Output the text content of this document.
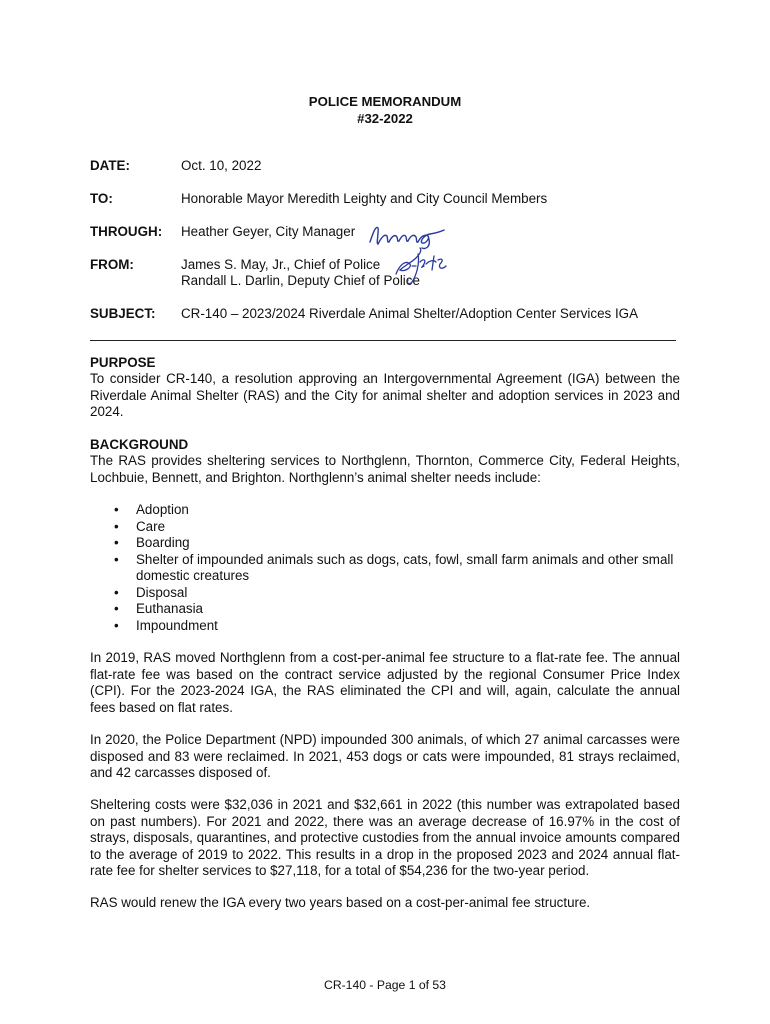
POLICE MEMORANDUM
#32-2022
DATE:	Oct. 10, 2022
TO:	Honorable Mayor Meredith Leighty and City Council Members
THROUGH: Heather Geyer, City Manager
FROM:	James S. May, Jr., Chief of Police
Randall L. Darlin, Deputy Chief of Police
SUBJECT: CR-140 – 2023/2024 Riverdale Animal Shelter/Adoption Center Services IGA
PURPOSE
To consider CR-140, a resolution approving an Intergovernmental Agreement (IGA) between the Riverdale Animal Shelter (RAS) and the City for animal shelter and adoption services in 2023 and 2024.
BACKGROUND
The RAS provides sheltering services to Northglenn, Thornton, Commerce City, Federal Heights, Lochbuie, Bennett, and Brighton. Northglenn’s animal shelter needs include:
• Adoption
• Care
• Boarding
• Shelter of impounded animals such as dogs, cats, fowl, small farm animals and other small domestic creatures
• Disposal
• Euthanasia
• Impoundment
In 2019, RAS moved Northglenn from a cost-per-animal fee structure to a flat-rate fee. The annual flat-rate fee was based on the contract service adjusted by the regional Consumer Price Index (CPI). For the 2023-2024 IGA, the RAS eliminated the CPI and will, again, calculate the annual fees based on flat rates.
In 2020, the Police Department (NPD) impounded 300 animals, of which 27 animal carcasses were disposed and 83 were reclaimed. In 2021, 453 dogs or cats were impounded, 81 strays reclaimed, and 42 carcasses disposed of.
Sheltering costs were $32,036 in 2021 and $32,661 in 2022 (this number was extrapolated based on past numbers). For 2021 and 2022, there was an average decrease of 16.97% in the cost of strays, disposals, quarantines, and protective custodies from the annual invoice amounts compared to the average of 2019 to 2022. This results in a drop in the proposed 2023 and 2024 annual flat-rate fee for shelter services to $27,118, for a total of $54,236 for the two-year period.
RAS would renew the IGA every two years based on a cost-per-animal fee structure.
CR-140 - Page 1 of 53
